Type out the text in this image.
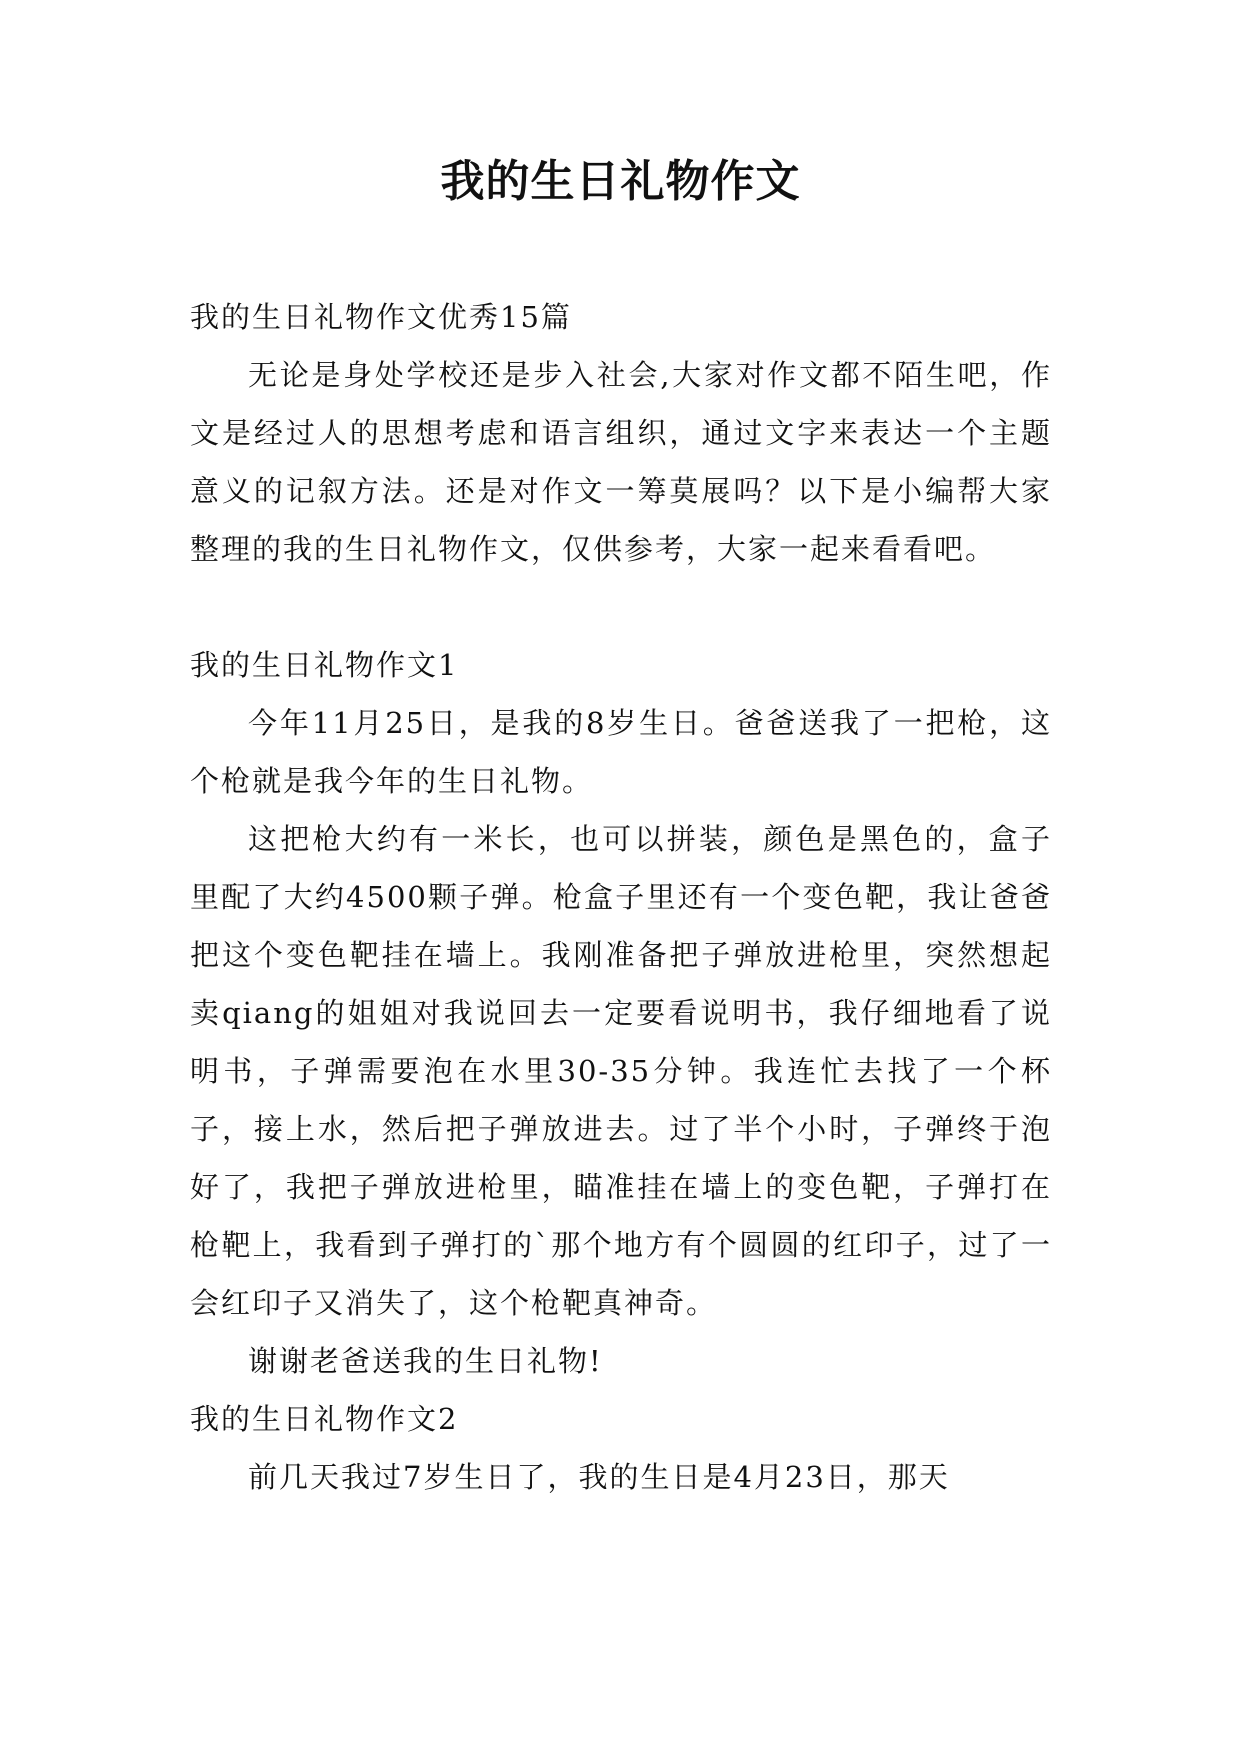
我的生日礼物作文

我的生日礼物作文优秀15篇

无论是身处学校还是步入社会,大家对作文都不陌生吧，作文是经过人的思想考虑和语言组织，通过文字来表达一个主题意义的记叙方法。还是对作文一筹莫展吗？以下是小编帮大家整理的我的生日礼物作文，仅供参考，大家一起来看看吧。

我的生日礼物作文1

今年11月25日，是我的8岁生日。爸爸送我了一把枪，这个枪就是我今年的生日礼物。

这把枪大约有一米长，也可以拼装，颜色是黑色的，盒子里配了大约4500颗子弹。枪盒子里还有一个变色靶，我让爸爸把这个变色靶挂在墙上。我刚准备把子弹放进枪里，突然想起卖qiang的姐姐对我说回去一定要看说明书，我仔细地看了说明书，子弹需要泡在水里30-35分钟。我连忙去找了一个杯子，接上水，然后把子弹放进去。过了半个小时，子弹终于泡好了，我把子弹放进枪里，瞄准挂在墙上的变色靶，子弹打在枪靶上，我看到子弹打的`那个地方有个圆圆的红印子，过了一会红印子又消失了，这个枪靶真神奇。

谢谢老爸送我的生日礼物!

我的生日礼物作文2

前几天我过7岁生日了，我的生日是4月23日，那天
